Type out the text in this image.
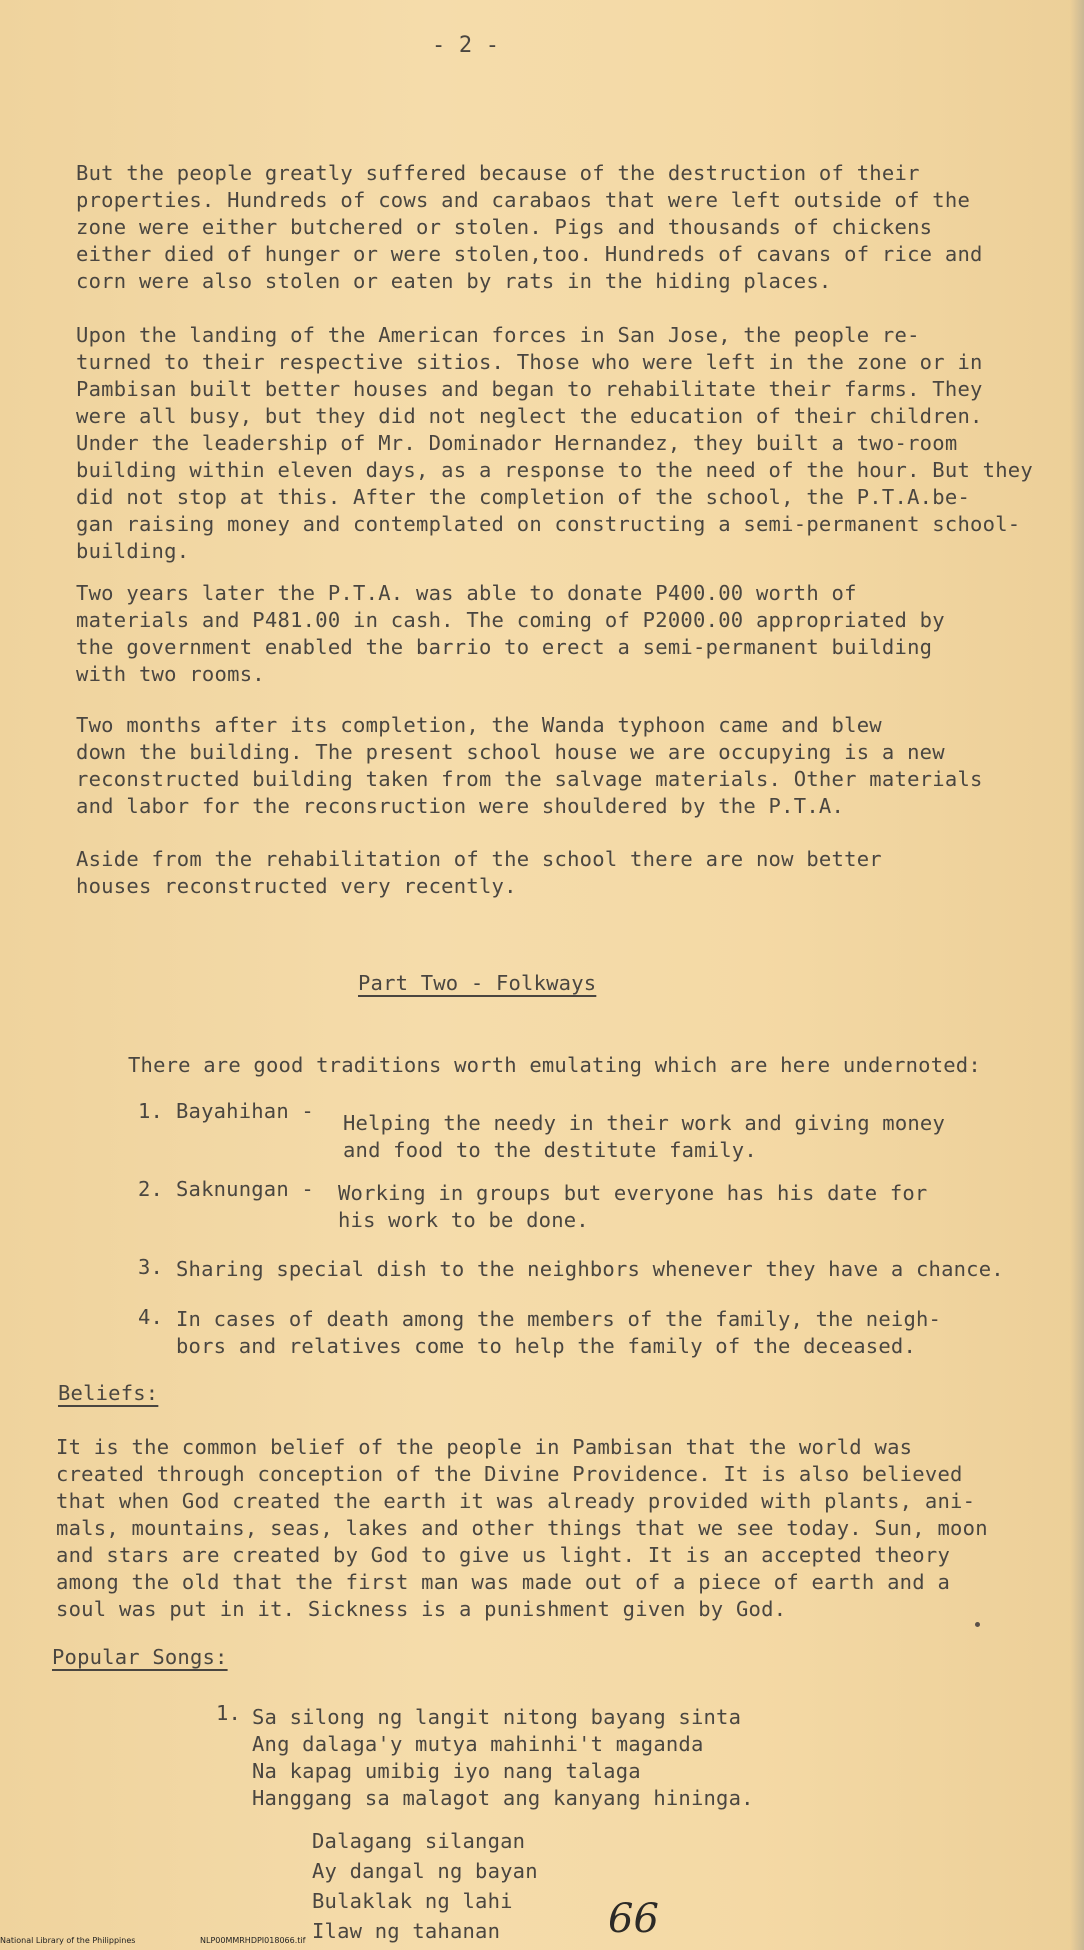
- 2 -
But the people greatly suffered because of the destruction of their
properties. Hundreds of cows and carabaos that were left outside of the
zone were either butchered or stolen. Pigs and thousands of chickens
either died of hunger or were stolen,too. Hundreds of cavans of rice and
corn were also stolen or eaten by rats in the hiding places.
Upon the landing of the American forces in San Jose, the people re-
turned to their respective sitios. Those who were left in the zone or in
Pambisan built better houses and began to rehabilitate their farms. They
were all busy, but they did not neglect the education of their children.
Under the leadership of Mr. Dominador Hernandez, they built a two-room
building within eleven days, as a response to the need of the hour. But they
did not stop at this. After the completion of the school, the P.T.A.be-
gan raising money and contemplated on constructing a semi-permanent school-
building.
Two years later the P.T.A. was able to donate P400.00 worth of
materials and P481.00 in cash. The coming of P2000.00 appropriated by
the government enabled the barrio to erect a semi-permanent building
with two rooms.
Two months after its completion, the Wanda typhoon came and blew
down the building. The present school house we are occupying is a new
reconstructed building taken from the salvage materials. Other materials
and labor for the reconsruction were shouldered by the P.T.A.
Aside from the rehabilitation of the school there are now better
houses reconstructed very recently.
Part Two - Folkways
There are good traditions worth emulating which are here undernoted:
1. Bayahihan - Helping the needy in their work and giving money
and food to the destitute family.
2. Saknungan - Working in groups but everyone has his date for
his work to be done.
3. Sharing special dish to the neighbors whenever they have a chance.
4. In cases of death among the members of the family, the neigh-
bors and relatives come to help the family of the deceased.
Beliefs:
It is the common belief of the people in Pambisan that the world was
created through conception of the Divine Providence. It is also believed
that when God created the earth it was already provided with plants, ani-
mals, mountains, seas, lakes and other things that we see today. Sun, moon
and stars are created by God to give us light. It is an accepted theory
among the old that the first man was made out of a piece of earth and a
soul was put in it. Sickness is a punishment given by God.
Popular Songs:
1. Sa silong ng langit nitong bayang sinta
Ang dalaga'y mutya mahinhi't maganda
Na kapag umibig iyo nang talaga
Hanggang sa malagot ang kanyang hininga.
Dalagang silangan
Ay dangal ng bayan
Bulaklak ng lahi
Ilaw ng tahanan	66
National Library of the Philippines	NLP00MMRHDPI018066.tif
